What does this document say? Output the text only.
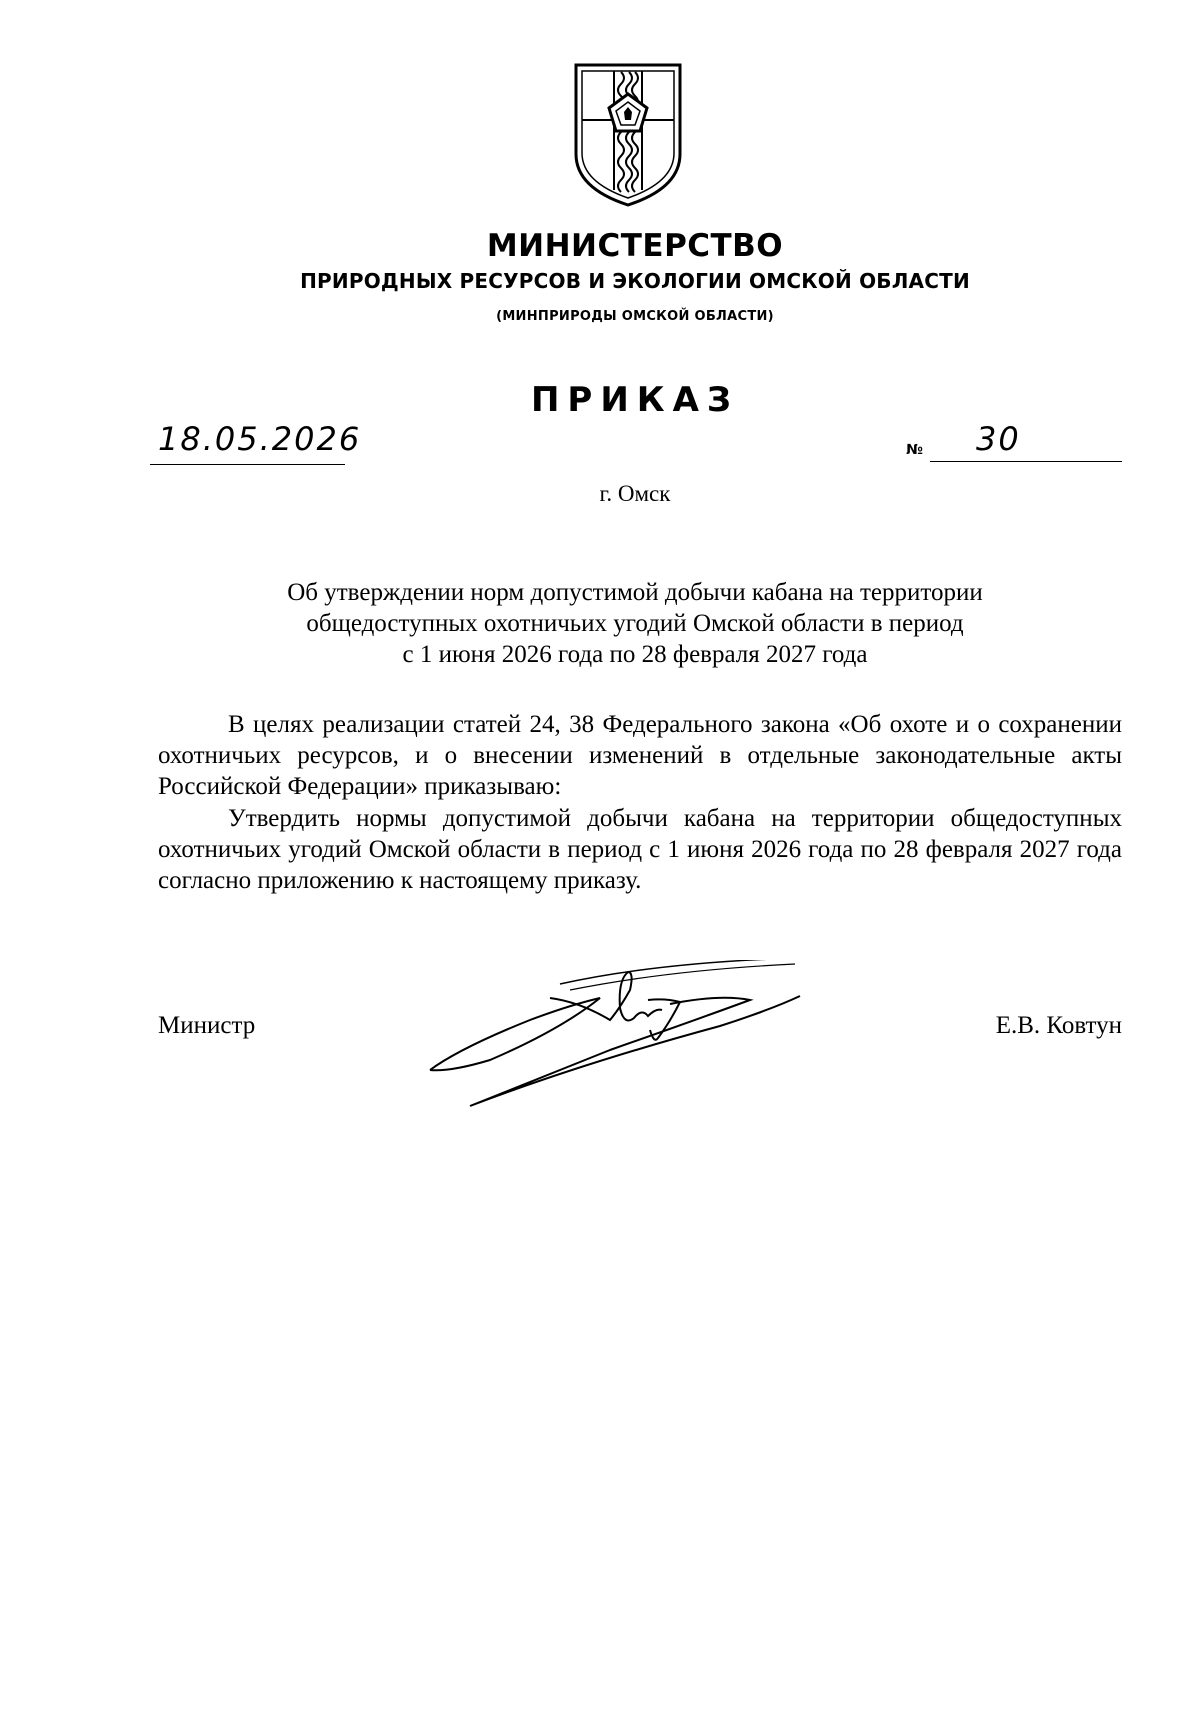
МИНИСТЕРСТВО
ПРИРОДНЫХ РЕСУРСОВ И ЭКОЛОГИИ ОМСКОЙ ОБЛАСТИ
(МИНПРИРОДЫ ОМСКОЙ ОБЛАСТИ)
ПРИКАЗ
18.05.2026	№ 30
г. Омск
Об утверждении норм допустимой добычи кабана на территории
общедоступных охотничьих угодий Омской области в период
с 1 июня 2026 года по 28 февраля 2027 года

В целях реализации статей 24, 38 Федерального закона «Об охоте и о сохранении охотничьих ресурсов, и о внесении изменений в отдельные законодательные акты Российской Федерации» приказываю:

Утвердить нормы допустимой добычи кабана на территории общедоступных охотничьих угодий Омской области в период с 1 июня 2026 года по 28 февраля 2027 года согласно приложению к настоящему приказу.

Министр	Е.В. Ковтун
